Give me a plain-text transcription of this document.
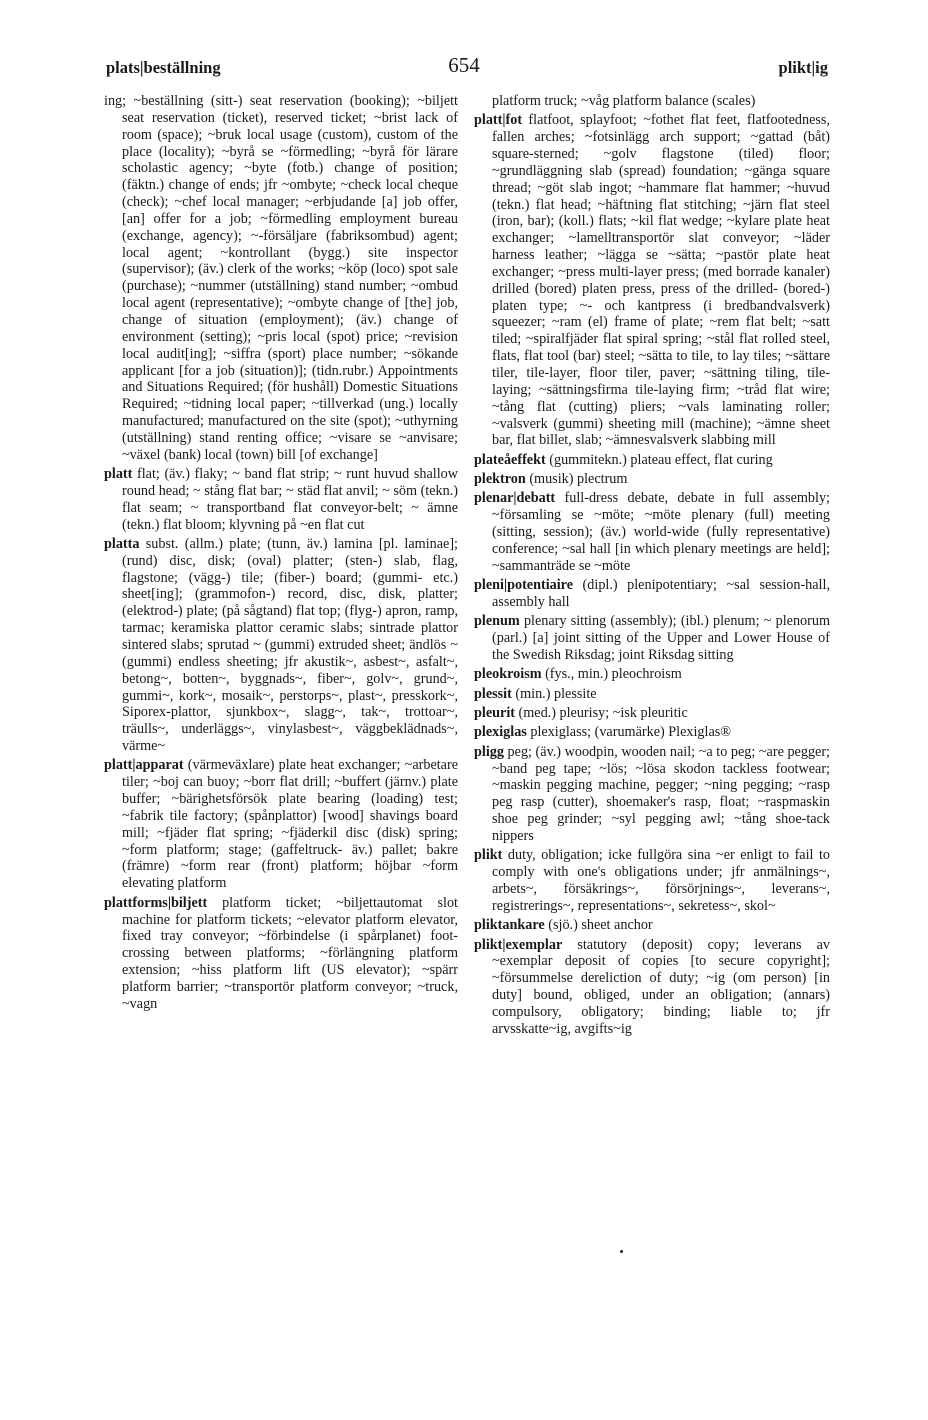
plats|beställning	654	plikt|ig

ing; ~beställning (sitt-) seat reservation (booking); ~biljett seat reservation (ticket), reserved ticket; ~brist lack of room (space); ~bruk local usage (custom), custom of the place (locality); ~byrå se ~förmedling; ~byrå för lärare scholastic agency; ~byte (fotb.) change of position; (fäktn.) change of ends; jfr ~ombyte; ~check local cheque (check); ~chef local manager; ~erbjudande [a] job offer, [an] offer for a job; ~förmedling employment bureau (exchange, agency); ~-försäljare (fabriksombud) agent; local agent; ~kontrollant (bygg.) site inspector (supervisor); (äv.) clerk of the works; ~köp (loco) spot sale (purchase); ~nummer (utställning) stand number; ~ombud local agent (representative); ~ombyte change of [the] job, change of situation (employment); (äv.) change of environment (setting); ~pris local (spot) price; ~revision local audit[ing]; ~siffra (sport) place number; ~sökande applicant [for a job (situation)]; (tidn.rubr.) Appointments and Situations Required; (för hushåll) Domestic Situations Required; ~tidning local paper; ~tillverkad (ung.) locally manufactured; manufactured on the site (spot); ~uthyrning (utställning) stand renting office; ~visare se ~anvisare; ~växel (bank) local (town) bill [of exchange]

platt flat; (äv.) flaky; ~ band flat strip; ~ runt huvud shallow round head; ~ stång flat bar; ~ städ flat anvil; ~ söm (tekn.) flat seam; ~ transportband flat conveyor-belt; ~ ämne (tekn.) flat bloom; klyvning på ~en flat cut

platta subst. (allm.) plate; (tunn, äv.) lamina [pl. laminae]; (rund) disc, disk; (oval) platter; (sten-) slab, flag, flagstone; (vägg-) tile; (fiber-) board; (gummi- etc.) sheet[ing]; (grammofon-) record, disc, disk, platter; (elektrod-) plate; (på sågtand) flat top; (flyg-) apron, ramp, tarmac; keramiska plattor ceramic slabs; sintrade plattor sintered slabs; sprutad ~ (gummi) extruded sheet; ändlös ~ (gummi) endless sheeting; jfr akustik~, asbest~, asfalt~, betong~, botten~, byggnads~, fiber~, golv~, grund~, gummi~, kork~, mosaik~, perstorps~, plast~, presskork~, Siporex-plattor, sjunkbox~, slagg~, tak~, trottoar~, träulls~, underläggs~, vinylasbest~, väggbeklädnads~, värme~

platt|apparat (värmeväxlare) plate heat exchanger; ~arbetare tiler; ~boj can buoy; ~borr flat drill; ~buffert (järnv.) plate buffer; ~bärighetsförsök plate bearing (loading) test; ~fabrik tile factory; (spånplattor) [wood] shavings board mill; ~fjäder flat spring; ~fjäderkil disc (disk) spring; ~form platform; stage; (gaffeltruck- äv.) pallet; bakre (främre) ~form rear (front) platform; höjbar ~form elevating platform

plattforms|biljett platform ticket; ~biljettautomat slot machine for platform tickets; ~elevator platform elevator, fixed tray conveyor; ~förbindelse (i spårplanet) foot-crossing between platforms; ~förlängning platform extension; ~hiss platform lift (US elevator); ~spärr platform barrier; ~transportör platform conveyor; ~truck, ~vagn

platform truck; ~våg platform balance (scales)

platt|fot flatfoot, splayfoot; ~fothet flat feet, flatfootedness, fallen arches; ~fotsinlägg arch support; ~gattad (båt) square-sterned; ~golv flagstone (tiled) floor; ~grundläggning slab (spread) foundation; ~gänga square thread; ~göt slab ingot; ~hammare flat hammer; ~huvud (tekn.) flat head; ~häftning flat stitching; ~järn flat steel (iron, bar); (koll.) flats; ~kil flat wedge; ~kylare plate heat exchanger; ~lamelltransportör slat conveyor; ~läder harness leather; ~lägga se ~sätta; ~pastör plate heat exchanger; ~press multi-layer press; (med borrade kanaler) drilled (bored) platen press, press of the drilled- (bored-) platen type; ~- och kantpress (i bredbandvalsverk) squeezer; ~ram (el) frame of plate; ~rem flat belt; ~satt tiled; ~spiralfjäder flat spiral spring; ~stål flat rolled steel, flats, flat tool (bar) steel; ~sätta to tile, to lay tiles; ~sättare tiler, tile-layer, floor tiler, paver; ~sättning tiling, tile-laying; ~sättningsfirma tile-laying firm; ~tråd flat wire; ~tång flat (cutting) pliers; ~vals laminating roller; ~valsverk (gummi) sheeting mill (machine); ~ämne sheet bar, flat billet, slab; ~ämnesvalsverk slabbing mill

plateåeffekt (gummitekn.) plateau effect, flat curing

plektron (musik) plectrum

plenar|debatt full-dress debate, debate in full assembly; ~församling se ~möte; ~möte plenary (full) meeting (sitting, session); (äv.) world-wide (fully representative) conference; ~sal hall [in which plenary meetings are held]; ~sammanträde se ~möte

pleni|potentiaire (dipl.) plenipotentiary; ~sal session-hall, assembly hall

plenum plenary sitting (assembly); (ibl.) plenum; ~ plenorum (parl.) [a] joint sitting of the Upper and Lower House of the Swedish Riksdag; joint Riksdag sitting

pleokroism (fys., min.) pleochroism

plessit (min.) plessite

pleurit (med.) pleurisy; ~isk pleuritic

plexiglas plexiglass; (varumärke) Plexiglas®

pligg peg; (äv.) woodpin, wooden nail; ~a to peg; ~are pegger; ~band peg tape; ~lös; ~lösa skodon tackless footwear; ~maskin pegging machine, pegger; ~ning pegging; ~rasp peg rasp (cutter), shoemaker's rasp, float; ~raspmaskin shoe peg grinder; ~syl pegging awl; ~tång shoe-tack nippers

plikt duty, obligation; icke fullgöra sina ~er enligt to fail to comply with one's obligations under; jfr anmälnings~, arbets~, försäkrings~, försörjnings~, leverans~, registrerings~, representations~, sekretess~, skol~

pliktankare (sjö.) sheet anchor

plikt|exemplar statutory (deposit) copy; leverans av ~exemplar deposit of copies [to secure copyright]; ~försummelse dereliction of duty; ~ig (om person) [in duty] bound, obliged, under an obligation; (annars) compulsory, obligatory; binding; liable to; jfr arvsskatte~ig, avgifts~ig
